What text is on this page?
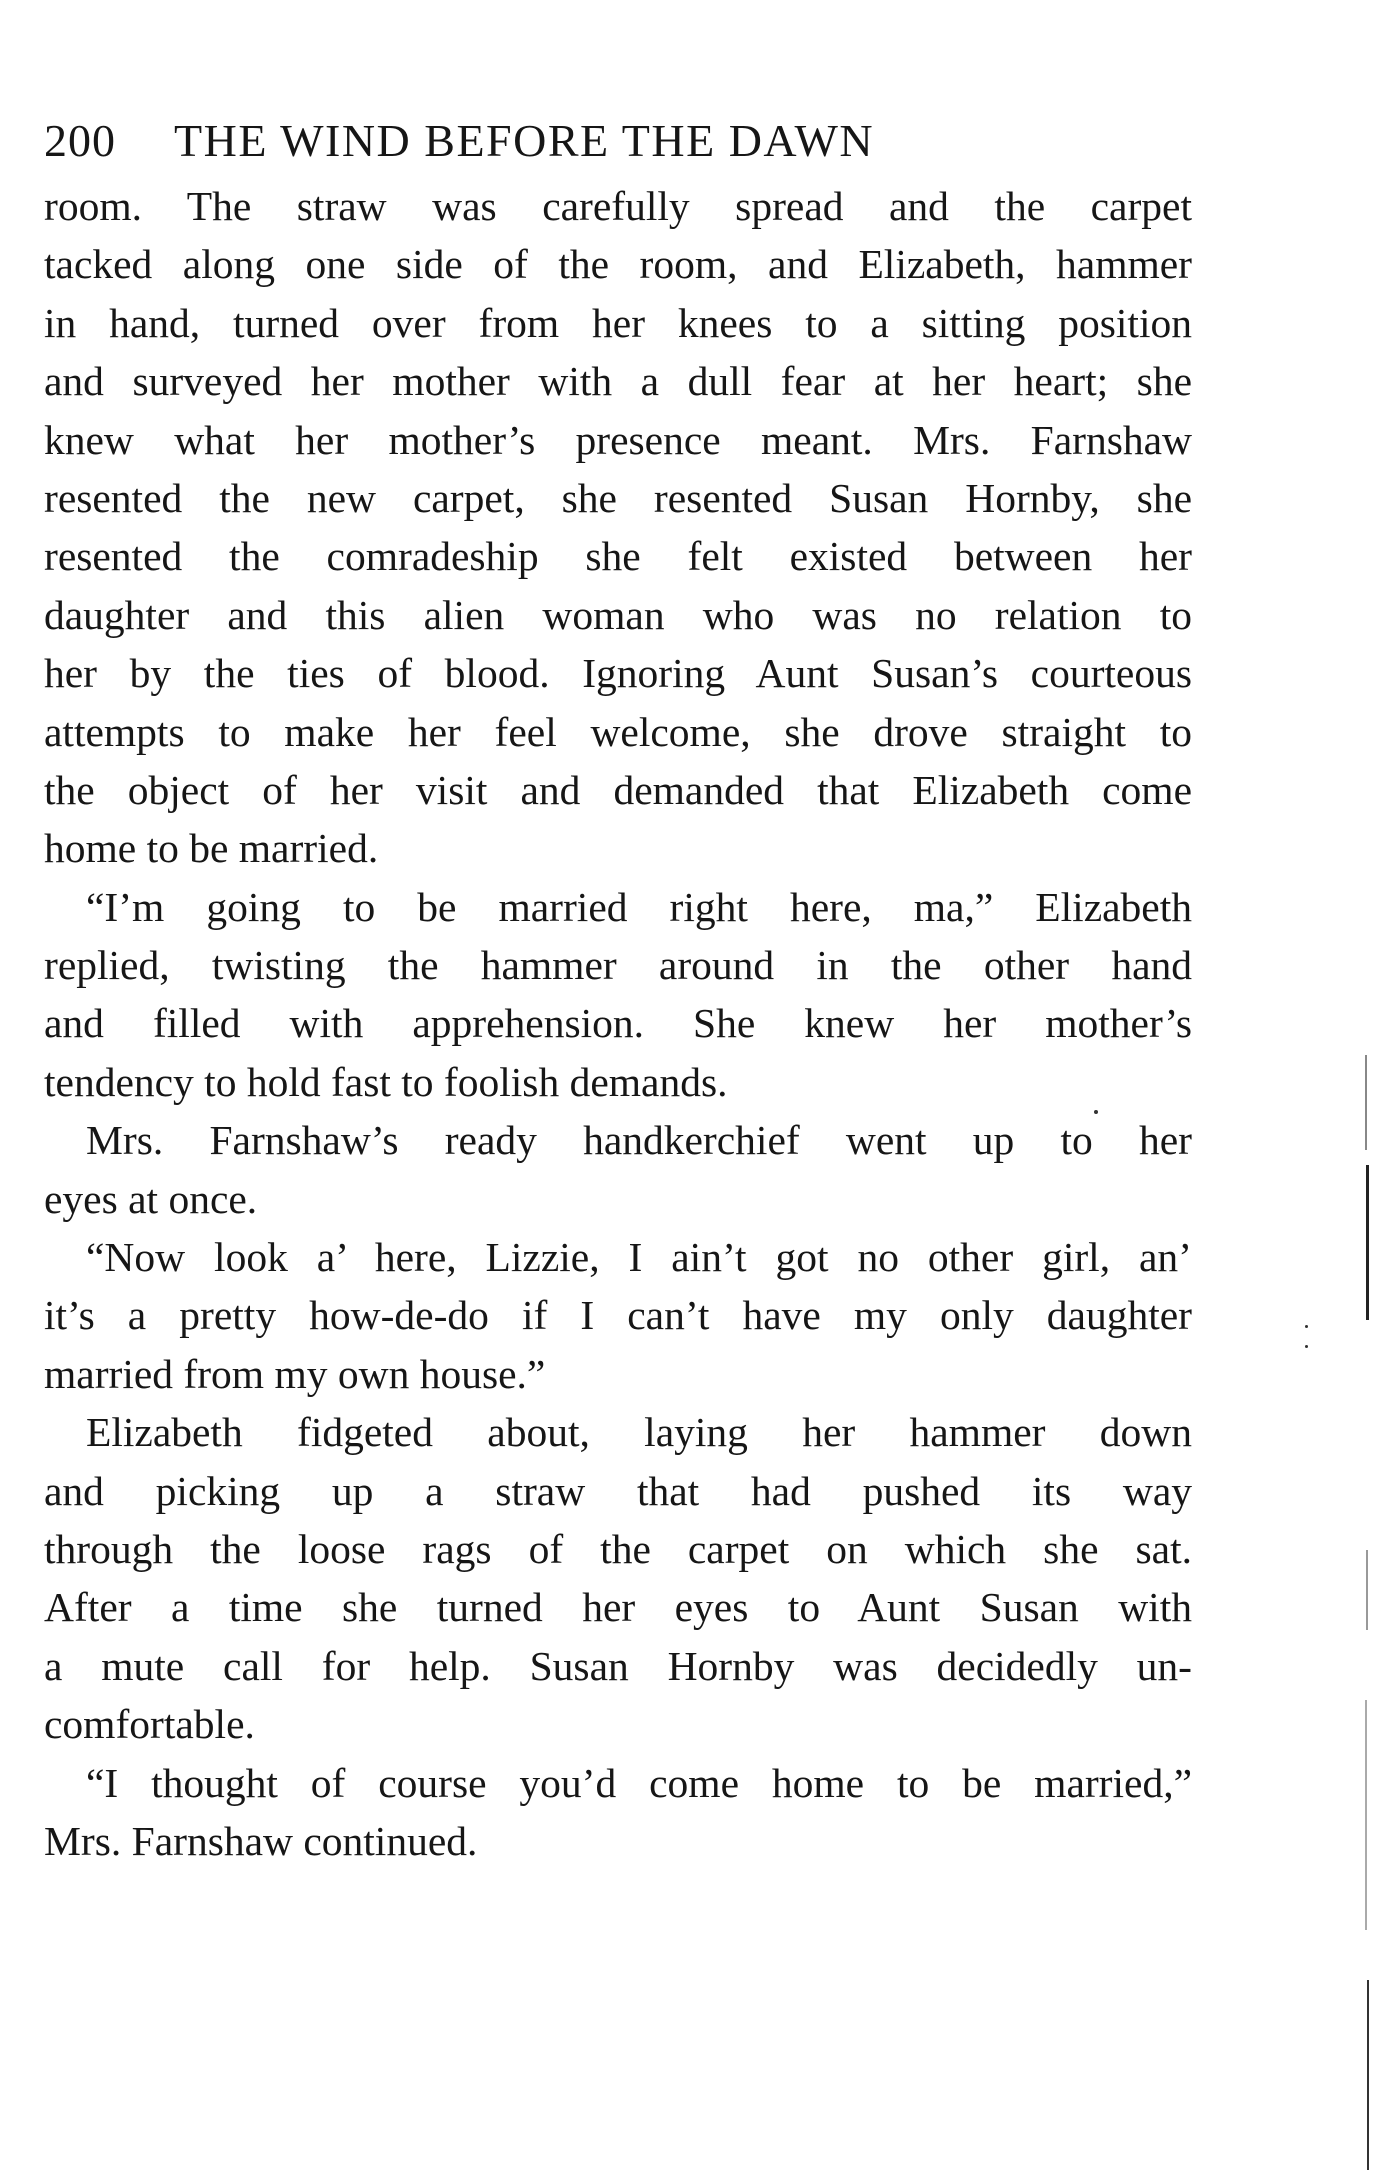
200	THE WIND BEFORE THE DAWN
room. The straw was carefully spread and the carpet
tacked along one side of the room, and Elizabeth, hammer
in hand, turned over from her knees to a sitting position
and surveyed her mother with a dull fear at her heart; she
knew what her mother’s presence meant. Mrs. Farnshaw
resented the new carpet, she resented Susan Hornby, she
resented the comradeship she felt existed between her
daughter and this alien woman who was no relation to
her by the ties of blood. Ignoring Aunt Susan’s courteous
attempts to make her feel welcome, she drove straight to
the object of her visit and demanded that Elizabeth come
home to be married.
“I’m going to be married right here, ma,” Elizabeth
replied, twisting the hammer around in the other hand
and filled with apprehension. She knew her mother’s
tendency to hold fast to foolish demands.
Mrs. Farnshaw’s ready handkerchief went up to her
eyes at once.
“Now look a’ here, Lizzie, I ain’t got no other girl, an’
it’s a pretty how-de-do if I can’t have my only daughter
married from my own house.”
Elizabeth fidgeted about, laying her hammer down
and picking up a straw that had pushed its way
through the loose rags of the carpet on which she sat.
After a time she turned her eyes to Aunt Susan with
a mute call for help. Susan Hornby was decidedly un-
comfortable.
“I thought of course you’d come home to be married,”
Mrs. Farnshaw continued.
